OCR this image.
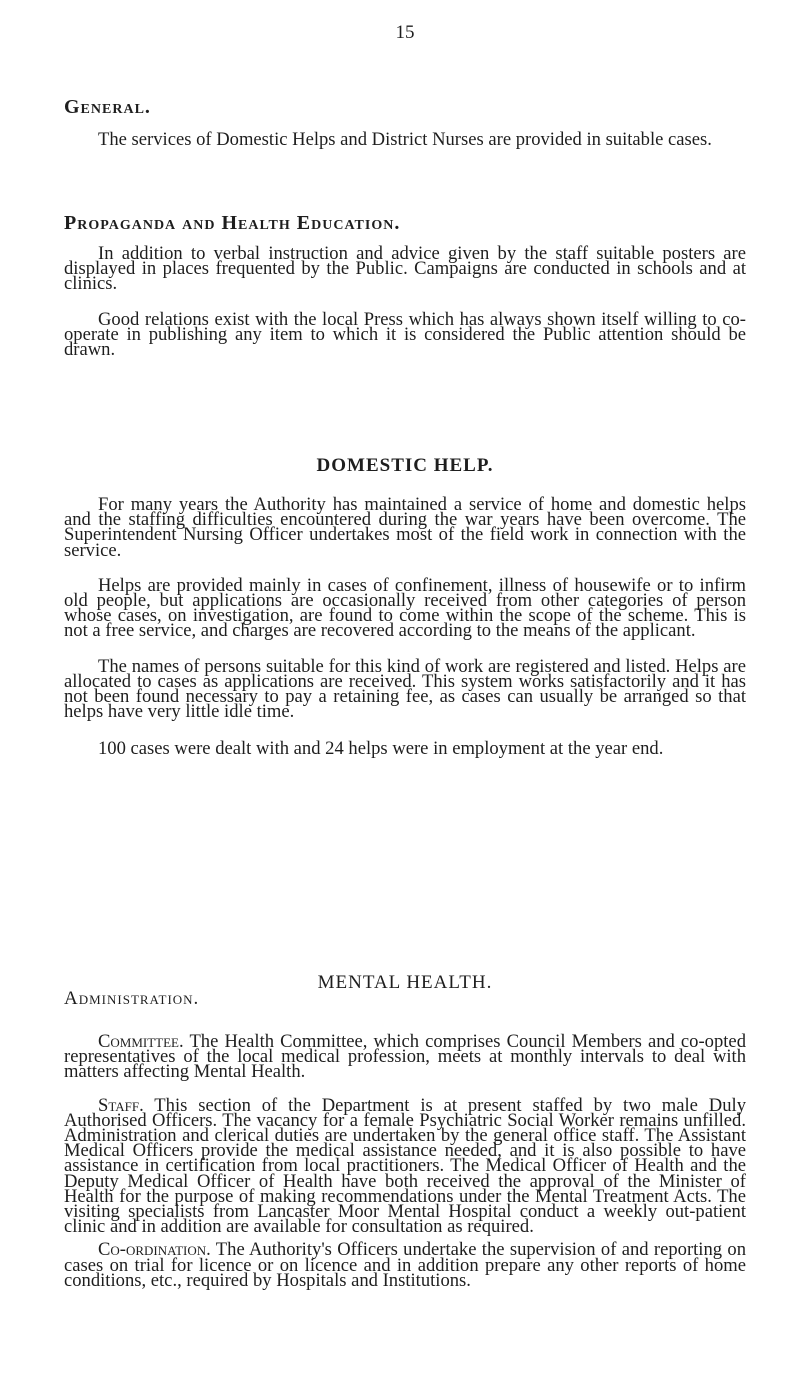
15
General.

The services of Domestic Helps and District Nurses are provided in suitable cases.

Propaganda and Health Education.

In addition to verbal instruction and advice given by the staff suitable posters are displayed in places frequented by the Public. Campaigns are conducted in schools and at clinics.

Good relations exist with the local Press which has always shown itself willing to co-operate in publishing any item to which it is considered the Public attention should be drawn.

DOMESTIC HELP.

For many years the Authority has maintained a service of home and domestic helps and the staffing difficulties encountered during the war years have been overcome. The Superintendent Nursing Officer undertakes most of the field work in connection with the service.

Helps are provided mainly in cases of confinement, illness of housewife or to infirm old people, but applications are occasionally received from other categories of person whose cases, on investigation, are found to come within the scope of the scheme. This is not a free service, and charges are recovered according to the means of the applicant.

The names of persons suitable for this kind of work are registered and listed. Helps are allocated to cases as applications are received. This system works satisfactorily and it has not been found necessary to pay a retaining fee, as cases can usually be arranged so that helps have very little idle time.

100 cases were dealt with and 24 helps were in employment at the year end.

MENTAL HEALTH.
Administration.

Committee. The Health Committee, which comprises Council Members and co-opted representatives of the local medical profession, meets at monthly intervals to deal with matters affecting Mental Health.

Staff. This section of the Department is at present staffed by two male Duly Authorised Officers. The vacancy for a female Psychiatric Social Worker remains unfilled. Administration and clerical duties are undertaken by the general office staff. The Assistant Medical Officers provide the medical assistance needed, and it is also possible to have assistance in certification from local practitioners. The Medical Officer of Health and the Deputy Medical Officer of Health have both received the approval of the Minister of Health for the purpose of making recommendations under the Mental Treatment Acts. The visiting specialists from Lancaster Moor Mental Hospital conduct a weekly out-patient clinic and in addition are available for consultation as required.

Co-ordination. The Authority's Officers undertake the supervision of and reporting on cases on trial for licence or on licence and in addition prepare any other reports of home conditions, etc., required by Hospitals and Institutions.
